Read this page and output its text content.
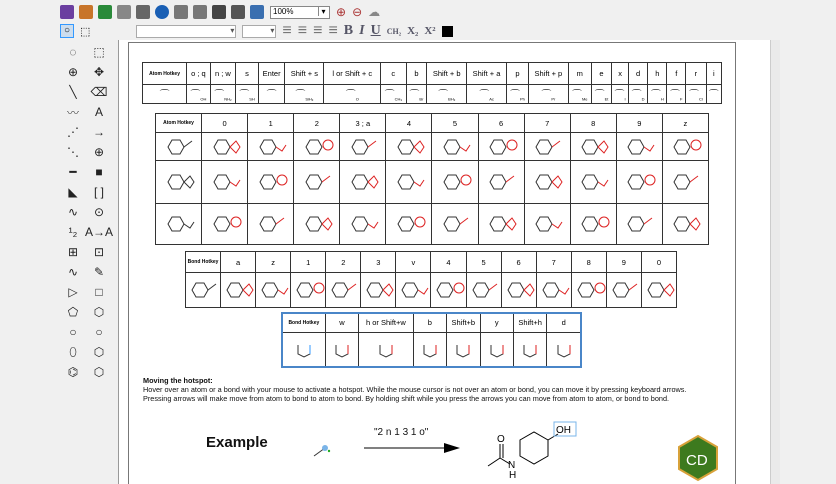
100% ▾	⊕ ⊖ ☁
○ ⬚ ▾ ▾	≡ ≡ ≡ ≡ B I U CH₂ X₂ X²
◌ ⬚
⊕ ✥
╲ ⌫
〰 A
⋰ →
⋱ ⊕
━ ■
◣ [ ]
∿ ⊙
¹₂ A→A
⊞ ⊡
∿ ✎
▷ □
⬠ ⬡
○ ○
⬯ ⬡
⌬ ⬡
Atom Hotkey	o ; q	n ; w	s	Enter	Shift + s	l or Shift + c	c	b	Shift + b	Shift + a	p	Shift + p	m	e	x	d	h	f	r	i
⌒	$⌒_{OH}$	$⌒_{NH_2}$	$⌒_{SH}$	⌒	$⌒_{SiH_3}$	$⌒_O$	$⌒_{CH_3}$	$⌒_{Br}$	$⌒_{BH_2}$	$⌒_{Ac}$	$⌒_{Ph}$	$⌒_{Pr}$	$⌒_{Me}$	$⌒_{Et}$	$⌒_I$	$⌒_D$	$⌒_H$	$⌒_F$	$⌒_{Cl}$	⌒
Atom Hotkey	0	1	2	3 ; a	4	5	6	7	8	9	z

Bond Hotkey	a	z	1	2	3	v	4	5	6	7	8	9	0

Bond Hotkey	w	h or Shift+w	b	Shift+b	y	Shift+h	d

Moving the hotspot:
Hover over an atom or a bond with your mouse to activate a hotspot. While the mouse cursor is not over an atom or bond, you can move it by pressing keyboard arrows.
Pressing arrows will make move from atom to bond to atom to bond. By holding shift while you press the arrows you can move from atom to atom, or bond to bond.
Example
"2 n 1 3 1 o"
O
N
H
OH
CD
